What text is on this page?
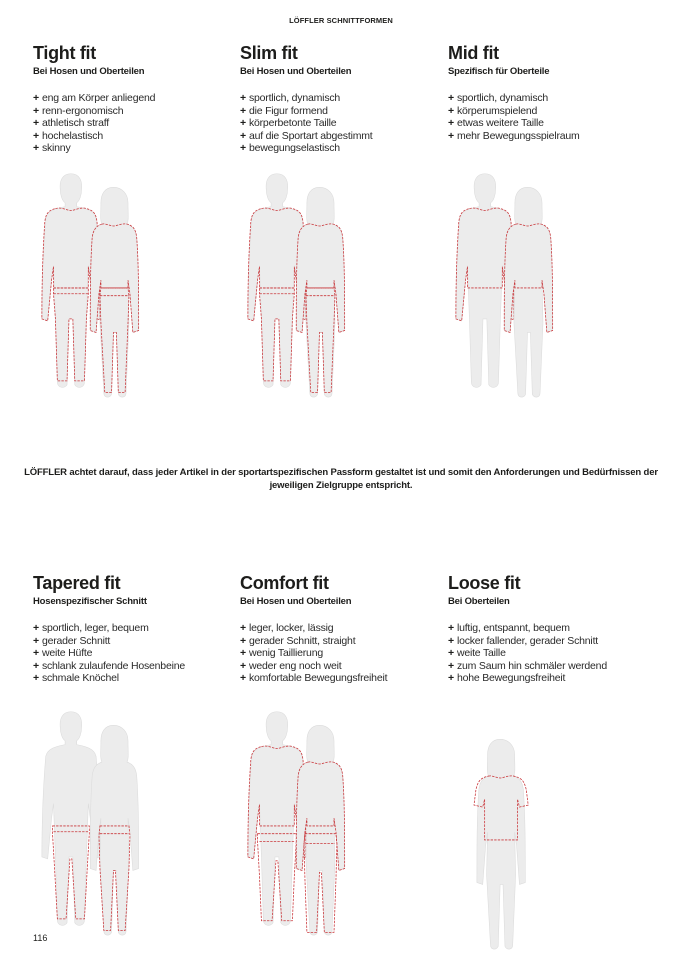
LÖFFLER SCHNITTFORMEN
Tight fit
Bei Hosen und Oberteilen
+ eng am Körper anliegend
+ renn-ergonomisch
+ athletisch straff
+ hochelastisch
+ skinny
Slim fit
Bei Hosen und Oberteilen
+ sportlich, dynamisch
+ die Figur formend
+ körperbetonte Taille
+ auf die Sportart abgestimmt
+ bewegungselastisch
Mid fit
Spezifisch für Oberteile
+ sportlich, dynamisch
+ körperumspielend
+ etwas weitere Taille
+ mehr Bewegungsspielraum
Tapered fit
Hosenspezifischer Schnitt
+ sportlich, leger, bequem
+ gerader Schnitt
+ weite Hüfte
+ schlank zulaufende Hosenbeine
+ schmale Knöchel
Comfort fit
Bei Hosen und Oberteilen
+ leger, locker, lässig
+ gerader Schnitt, straight
+ wenig Taillierung
+ weder eng noch weit
+ komfortable Bewegungsfreiheit
Loose fit
Bei Oberteilen
+ luftig, entspannt, bequem
+ locker fallender, gerader Schnitt
+ weite Taille
+ zum Saum hin schmäler werdend
+ hohe Bewegungsfreiheit
LÖFFLER achtet darauf, dass jeder Artikel in der sportartspezifischen Passform gestaltet ist und somit den Anforderungen und Bedürfnissen der jeweiligen Zielgruppe entspricht.
116
